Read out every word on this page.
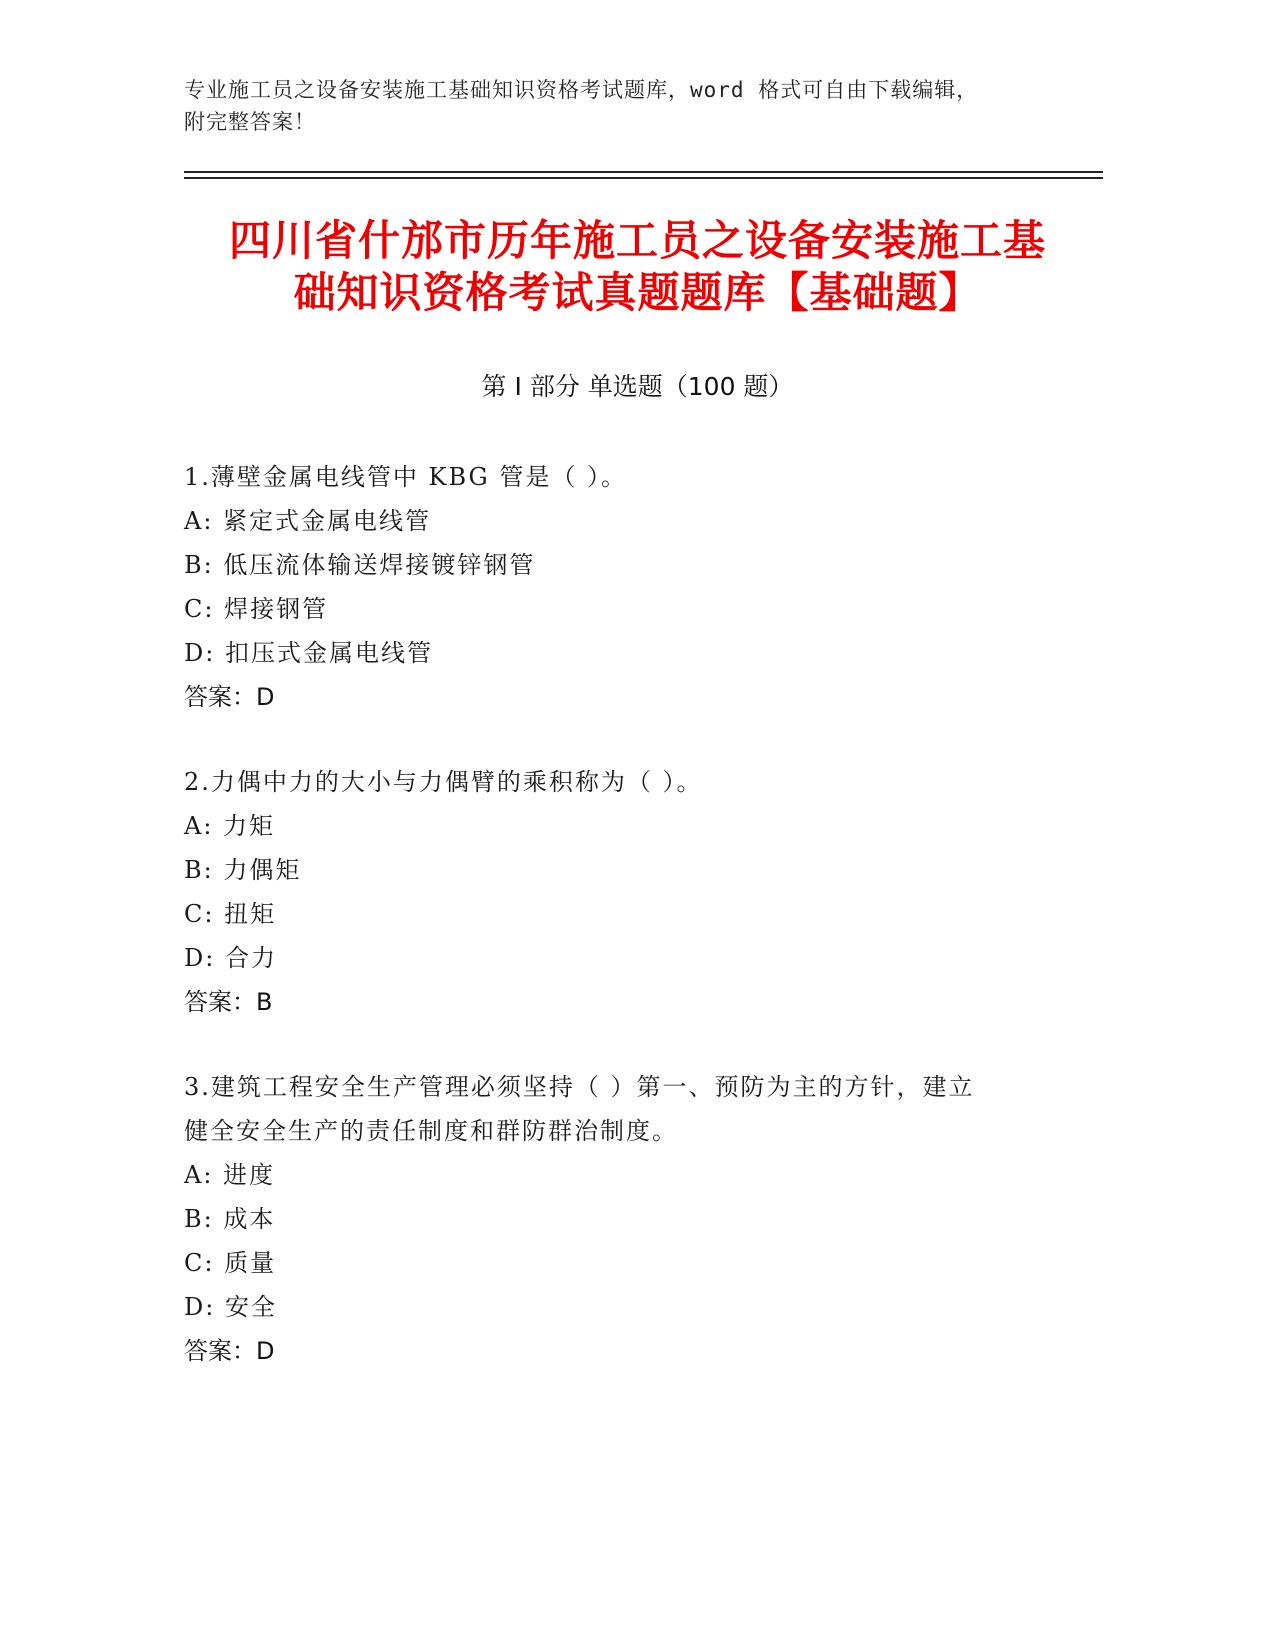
专业施工员之设备安装施工基础知识资格考试题库，word 格式可自由下载编辑，
附完整答案！
四川省什邡市历年施工员之设备安装施工基
础知识资格考试真题题库【基础题】
第 I 部分 单选题（100 题）
1.薄壁金属电线管中 KBG 管是（ ）。
A: 紧定式金属电线管
B: 低压流体输送焊接镀锌钢管
C: 焊接钢管
D: 扣压式金属电线管
答案：D
2.力偶中力的大小与力偶臂的乘积称为（ ）。
A: 力矩
B: 力偶矩
C: 扭矩
D: 合力
答案：B
3.建筑工程安全生产管理必须坚持（ ）第一、预防为主的方针，建立
健全安全生产的责任制度和群防群治制度。
A: 进度
B: 成本
C: 质量
D: 安全
答案：D
